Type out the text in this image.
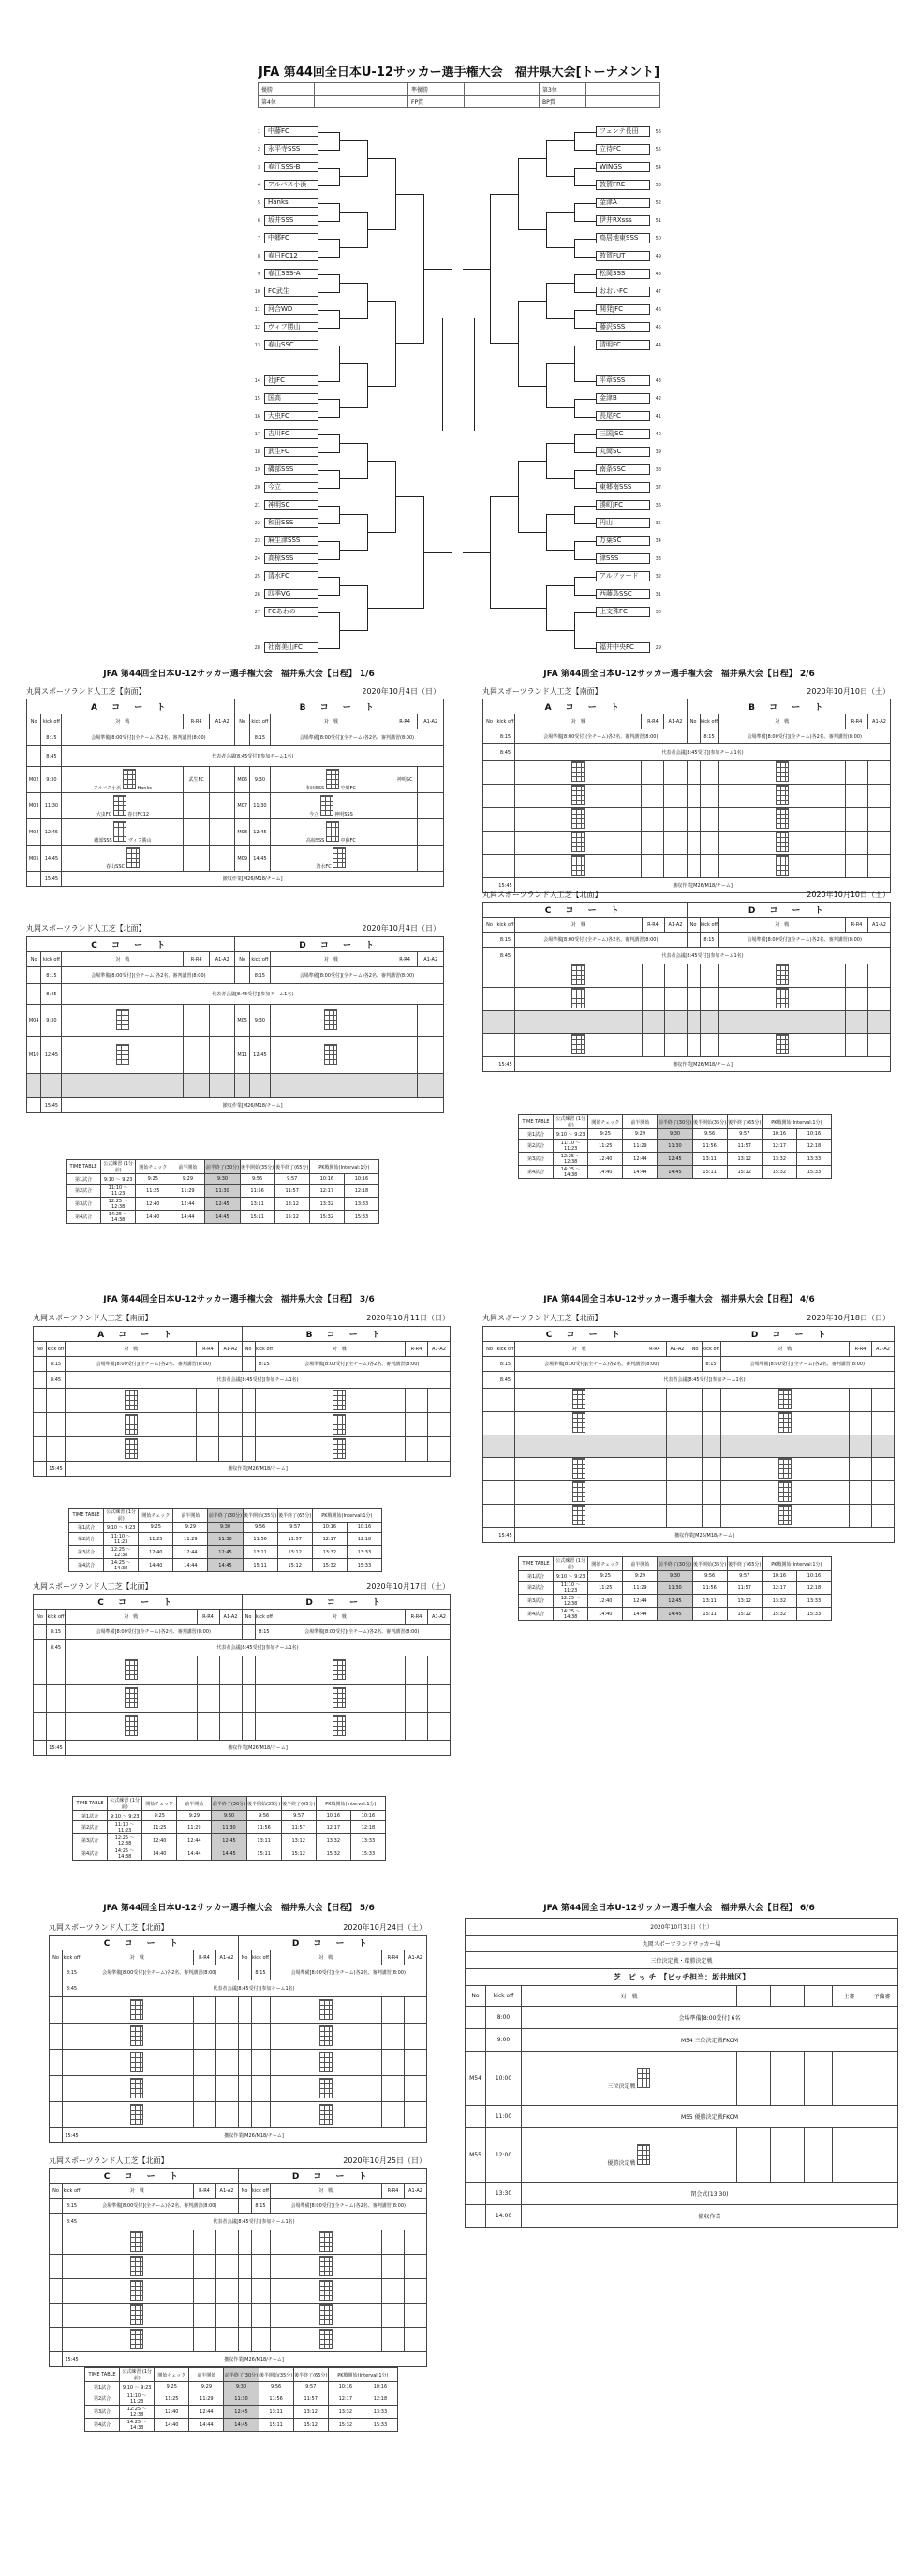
JFA 第44回全日本U-12サッカー選手権大会　福井県大会[トーナメント]
優勝		準優勝		第3位	
第4位		FP賞		BP賞	
1	中藤FC
2	永平寺SSS
3	春江SSS-B
4	アルバス小浜
5	Hanks
6	坂井SSS
7	中郷FC
8	春日FC12
9	春江SSS-A
10	FC武生
11	河合WD
12	ヴィフ勝山
13	春山SSC
14	社JFC
15	国高
16	大虫FC
17	吉川FC
18	武生FC
19	磯部SSS
20	今立
21	神明SC
22	和田SSS
23	麻生津SSS
24	高椋SSS
25	清水FC
26	四季VG
27	FCあわの
28	社南美山FC
フェンテ長田	56
立待FC	55
WINGS	54
敦賀FRE	53
金津A	52
伊井RXsss	51
鳥居地東SSS	50
敦賀FUT	49
松岡SSS	48
おおいFC	47
開発JFC	46
藤沢SSS	45
清明FC	44
平章SSS	43
金津B	42
長尾FC	41
三国JSC	40
丸岡SC	39
南条SSC	38
東郷南SSS	37
湊町JFC	36
円山	35
万葉SC	34
津SSS	33
アルファード	32
西藤島SSC	31
上文殊FC	30
福井中央FC	29
JFA 第44回全日本U-12サッカー選手権大会　福井県大会【日程】 1/6
丸岡スポーツランド人工芝【南面】	2020年10月4日（日）
A コ ー ト					B コ ー ト				
No	kick off	対　戦	R-R4	A1-A2	No	kick off	対　戦	R-R4	A1-A2
	8:15	会場準備[8:00受付](全チーム)各2名、審判講習(8:00)				8:15	会場準備[8:00受付](全チーム)各2名、審判講習(8:00)		
	8:45	代表者会議[8:45受付](参加チーム1名)							
M02	9:30	アルバス小浜 Hanks	武生FC		M06	9:30	和田SSS 中郷FC	神明SC	
M03	11:30	大虫FC 春日FC12			M07	11:30	今立 神明SSS		
M04	12:45	磯部SSS ヴィフ勝山			M08	12:45	高椋SSS 中藤FC		
M05	14:45	春山SSC			M09	14:45	清水FC		
	15:45	撤収作業[M26/M18/チーム]							
丸岡スポーツランド人工芝【北面】	2020年10月4日（日）
C コ ー ト					D コ ー ト				
No	kick off	対　戦	R-R4	A1-A2	No	kick off	対　戦	R-R4	A1-A2
	8:15	会場準備[8:00受付](全チーム)各2名、審判講習(8:00)				8:15	会場準備[8:00受付](全チーム)各2名、審判講習(8:00)		
	8:45	代表者会議[8:45受付](参加チーム1名)							
M04	9:30				M05	9:30			
M10	12:45				M11	12:45			

	15:45	撤収作業[M26/M18/チーム]							
TIME TABLE	公式練習 (1分前)	開始チェック	前半開始	前半終了(30分)	後半開始(35分)	後半終了(65分)	PK戦開始(Interval:1分)	
第1試合	9:10 〜 9:23	9:25	9:29	9:30	9:56	9:57	10:16	10:16
第2試合	11:10 〜 11:23	11:25	11:29	11:30	11:56	11:57	12:17	12:18
第3試合	12:25 〜 12:38	12:40	12:44	12:45	13:11	13:12	13:32	13:33
第4試合	14:25 〜 14:38	14:40	14:44	14:45	15:11	15:12	15:32	15:33
JFA 第44回全日本U-12サッカー選手権大会　福井県大会【日程】 2/6
丸岡スポーツランド人工芝【南面】	2020年10月10日（土）
A コ ー ト					B コ ー ト				
No	kick off	対　戦	R-R4	A1-A2	No	kick off	対　戦	R-R4	A1-A2
	8:15	会場準備[8:00受付](全チーム)各2名、審判講習(8:00)				8:15	会場準備[8:00受付](全チーム)各2名、審判講習(8:00)		
	8:45	代表者会議[8:45受付](参加チーム1名)							

	15:45	撤収作業[M26/M18/チーム]							
丸岡スポーツランド人工芝【北面】	2020年10月10日（土）
C コ ー ト					D コ ー ト				
No	kick off	対　戦	R-R4	A1-A2	No	kick off	対　戦	R-R4	A1-A2
	8:15	会場準備[8:00受付](全チーム)各2名、審判講習(8:00)				8:15	会場準備[8:00受付](全チーム)各2名、審判講習(8:00)		
	8:45	代表者会議[8:45受付](参加チーム1名)							

	15:45	撤収作業[M26/M18/チーム]							
TIME TABLE	公式練習 (1分前)	開始チェック	前半開始	前半終了(30分)	後半開始(35分)	後半終了(65分)	PK戦開始(Interval:1分)	
第1試合	9:10 〜 9:23	9:25	9:29	9:30	9:56	9:57	10:16	10:16
第2試合	11:10 〜 11:23	11:25	11:29	11:30	11:56	11:57	12:17	12:18
第3試合	12:25 〜 12:38	12:40	12:44	12:45	13:11	13:12	13:32	13:33
第4試合	14:25 〜 14:38	14:40	14:44	14:45	15:11	15:12	15:32	15:33
JFA 第44回全日本U-12サッカー選手権大会　福井県大会【日程】 3/6
丸岡スポーツランド人工芝【南面】	2020年10月11日（日）
A コ ー ト					B コ ー ト				
No	kick off	対　戦	R-R4	A1-A2	No	kick off	対　戦	R-R4	A1-A2
	8:15	会場準備[8:00受付](全チーム)各2名、審判講習(8:00)				8:15	会場準備[8:00受付](全チーム)各2名、審判講習(8:00)		
	8:45	代表者会議[8:45受付](参加チーム1名)							

	15:45	撤収作業[M26/M18/チーム]							
TIME TABLE	公式練習 (1分前)	開始チェック	前半開始	前半終了(30分)	後半開始(35分)	後半終了(65分)	PK戦開始(Interval:1分)	
第1試合	9:10 〜 9:23	9:25	9:29	9:30	9:56	9:57	10:16	10:16
第2試合	11:10 〜 11:23	11:25	11:29	11:30	11:56	11:57	12:17	12:18
第3試合	12:25 〜 12:38	12:40	12:44	12:45	13:11	13:12	13:32	13:33
第4試合	14:25 〜 14:38	14:40	14:44	14:45	15:11	15:12	15:32	15:33
丸岡スポーツランド人工芝【北面】	2020年10月17日（土）
C コ ー ト					D コ ー ト				
No	kick off	対　戦	R-R4	A1-A2	No	kick off	対　戦	R-R4	A1-A2
	8:15	会場準備[8:00受付](全チーム)各2名、審判講習(8:00)				8:15	会場準備[8:00受付](全チーム)各2名、審判講習(8:00)		
	8:45	代表者会議[8:45受付](参加チーム1名)							

	15:45	撤収作業[M26/M18/チーム]							
TIME TABLE	公式練習 (1分前)	開始チェック	前半開始	前半終了(30分)	後半開始(35分)	後半終了(65分)	PK戦開始(Interval:1分)	
第1試合	9:10 〜 9:23	9:25	9:29	9:30	9:56	9:57	10:16	10:16
第2試合	11:10 〜 11:23	11:25	11:29	11:30	11:56	11:57	12:17	12:18
第3試合	12:25 〜 12:38	12:40	12:44	12:45	13:11	13:12	13:32	13:33
第4試合	14:25 〜 14:38	14:40	14:44	14:45	15:11	15:12	15:32	15:33
JFA 第44回全日本U-12サッカー選手権大会　福井県大会【日程】 4/6
丸岡スポーツランド人工芝【北面】	2020年10月18日（日）
C コ ー ト					D コ ー ト				
No	kick off	対　戦	R-R4	A1-A2	No	kick off	対　戦	R-R4	A1-A2
	8:15	会場準備[8:00受付](全チーム)各2名、審判講習(8:00)				8:15	会場準備[8:00受付](全チーム)各2名、審判講習(8:00)		
	8:45	代表者会議[8:45受付](参加チーム1名)							

	15:45	撤収作業[M26/M18/チーム]							
TIME TABLE	公式練習 (1分前)	開始チェック	前半開始	前半終了(30分)	後半開始(35分)	後半終了(65分)	PK戦開始(Interval:1分)	
第1試合	9:10 〜 9:23	9:25	9:29	9:30	9:56	9:57	10:16	10:16
第2試合	11:10 〜 11:23	11:25	11:29	11:30	11:56	11:57	12:17	12:18
第3試合	12:25 〜 12:38	12:40	12:44	12:45	13:11	13:12	13:32	13:33
第4試合	14:25 〜 14:38	14:40	14:44	14:45	15:11	15:12	15:32	15:33
JFA 第44回全日本U-12サッカー選手権大会　福井県大会【日程】 5/6
丸岡スポーツランド人工芝【北面】	2020年10月24日（土）
C コ ー ト					D コ ー ト				
No	kick off	対　戦	R-R4	A1-A2	No	kick off	対　戦	R-R4	A1-A2
	8:15	会場準備[8:00受付](全チーム)各2名、審判講習(8:00)				8:15	会場準備[8:00受付](全チーム)各2名、審判講習(8:00)		
	8:45	代表者会議[8:45受付](参加チーム1名)							

	15:45	撤収作業[M26/M18/チーム]							
丸岡スポーツランド人工芝【北面】	2020年10月25日（日）
C コ ー ト					D コ ー ト				
No	kick off	対　戦	R-R4	A1-A2	No	kick off	対　戦	R-R4	A1-A2
	8:15	会場準備[8:00受付](全チーム)各2名、審判講習(8:00)				8:15	会場準備[8:00受付](全チーム)各2名、審判講習(8:00)		
	8:45	代表者会議[8:45受付](参加チーム1名)							

	15:45	撤収作業[M26/M18/チーム]							
TIME TABLE	公式練習 (1分前)	開始チェック	前半開始	前半終了(30分)	後半開始(35分)	後半終了(65分)	PK戦開始(Interval:1分)	
第1試合	9:10 〜 9:23	9:25	9:29	9:30	9:56	9:57	10:16	10:16
第2試合	11:10 〜 11:23	11:25	11:29	11:30	11:56	11:57	12:17	12:18
第3試合	12:25 〜 12:38	12:40	12:44	12:45	13:11	13:12	13:32	13:33
第4試合	14:25 〜 14:38	14:40	14:44	14:45	15:11	15:12	15:32	15:33
JFA 第44回全日本U-12サッカー選手権大会　福井県大会【日程】 6/6
2020年10月31日（土）							
丸岡スポーツランドサッカー場							
三位決定戦・環勝決定戦							
芝　ピ ッ チ　【ピッチ担当：坂井地区】							
No	kick off	対　戦				主審	予備審
	8:00	会場準備[8:00受付] 6名					
	9:00	M54 三位決定戦FKCM					
M54	10:00	三位決定戦					
	11:00	M55 優勝決定戦FKCM					
M55	12:00	優勝決定戦					
	13:30	閉会式(13:30)					
	14:00	撤収作業					
